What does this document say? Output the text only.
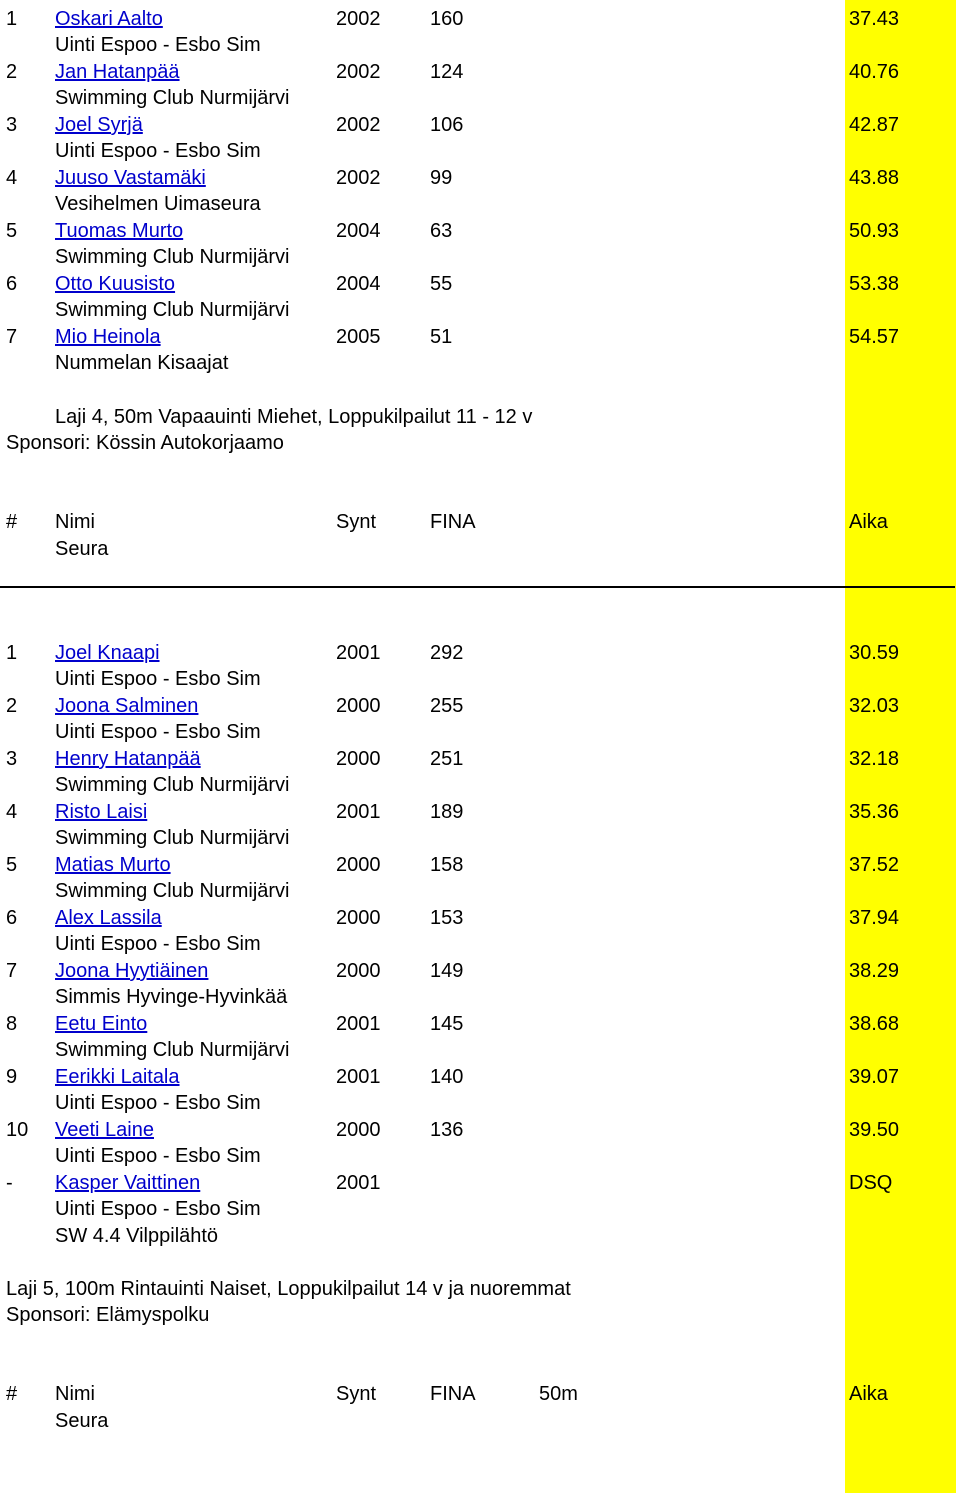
1 Oskari Aalto
Uinti Espoo - Esbo Sim
2002 160	37.43
2 Jan Hatanpää
Swimming Club Nurmijärvi
2002 124	40.76
3 Joel Syrjä
Uinti Espoo - Esbo Sim
2002 106	42.87
4 Juuso Vastamäki
Vesihelmen Uimaseura
2002 99	43.88
5 Tuomas Murto
Swimming Club Nurmijärvi
2004 63	50.93
6 Otto Kuusisto
Swimming Club Nurmijärvi
2004 55	53.38
7 Mio Heinola
Nummelan Kisaajat
2005 51	54.57
Laji 4, 50m Vapaauinti Miehet, Loppukilpailut 11 - 12 v
Sponsori: Kössin Autokorjaamo
# Nimi
Seura
Synt	FINA	Aika
1 Joel Knaapi
Uinti Espoo - Esbo Sim
2001 292	30.59
2 Joona Salminen
Uinti Espoo - Esbo Sim
2000 255	32.03
3 Henry Hatanpää
Swimming Club Nurmijärvi
2000 251	32.18
4 Risto Laisi
Swimming Club Nurmijärvi
2001 189	35.36
5 Matias Murto
Swimming Club Nurmijärvi
2000 158	37.52
6 Alex Lassila
Uinti Espoo - Esbo Sim
2000 153	37.94
7 Joona Hyytiäinen
Simmis Hyvinge-Hyvinkää
2000 149	38.29
8 Eetu Einto
Swimming Club Nurmijärvi
2001 145	38.68
9 Eerikki Laitala
Uinti Espoo - Esbo Sim
2001 140	39.07
10 Veeti Laine
Uinti Espoo - Esbo Sim
2000 136	39.50
- Kasper Vaittinen
Uinti Espoo - Esbo Sim
2001	DSQ
SW 4.4 Vilppilähtö
Laji 5, 100m Rintauinti Naiset, Loppukilpailut 14 v ja nuoremmat
Sponsori: Elämyspolku
# Nimi
Seura
Synt	FINA	50m	Aika
